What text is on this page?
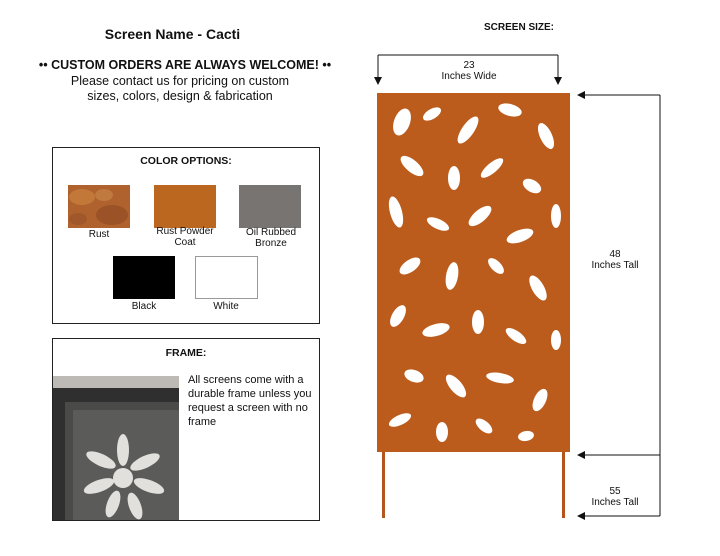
Screen Name - Cacti
•• CUSTOM ORDERS ARE ALWAYS WELCOME! ••
Please contact us for pricing on custom
sizes, colors, design & fabrication
COLOR OPTIONS:
Rust	Rust Powder Coat
Oil Rubbed Bronze
Black	White
FRAME:
All screens come with a durable frame unless you request a screen with no frame
SCREEN SIZE:
23
Inches Wide
48
Inches Tall
55
Inches Tall
